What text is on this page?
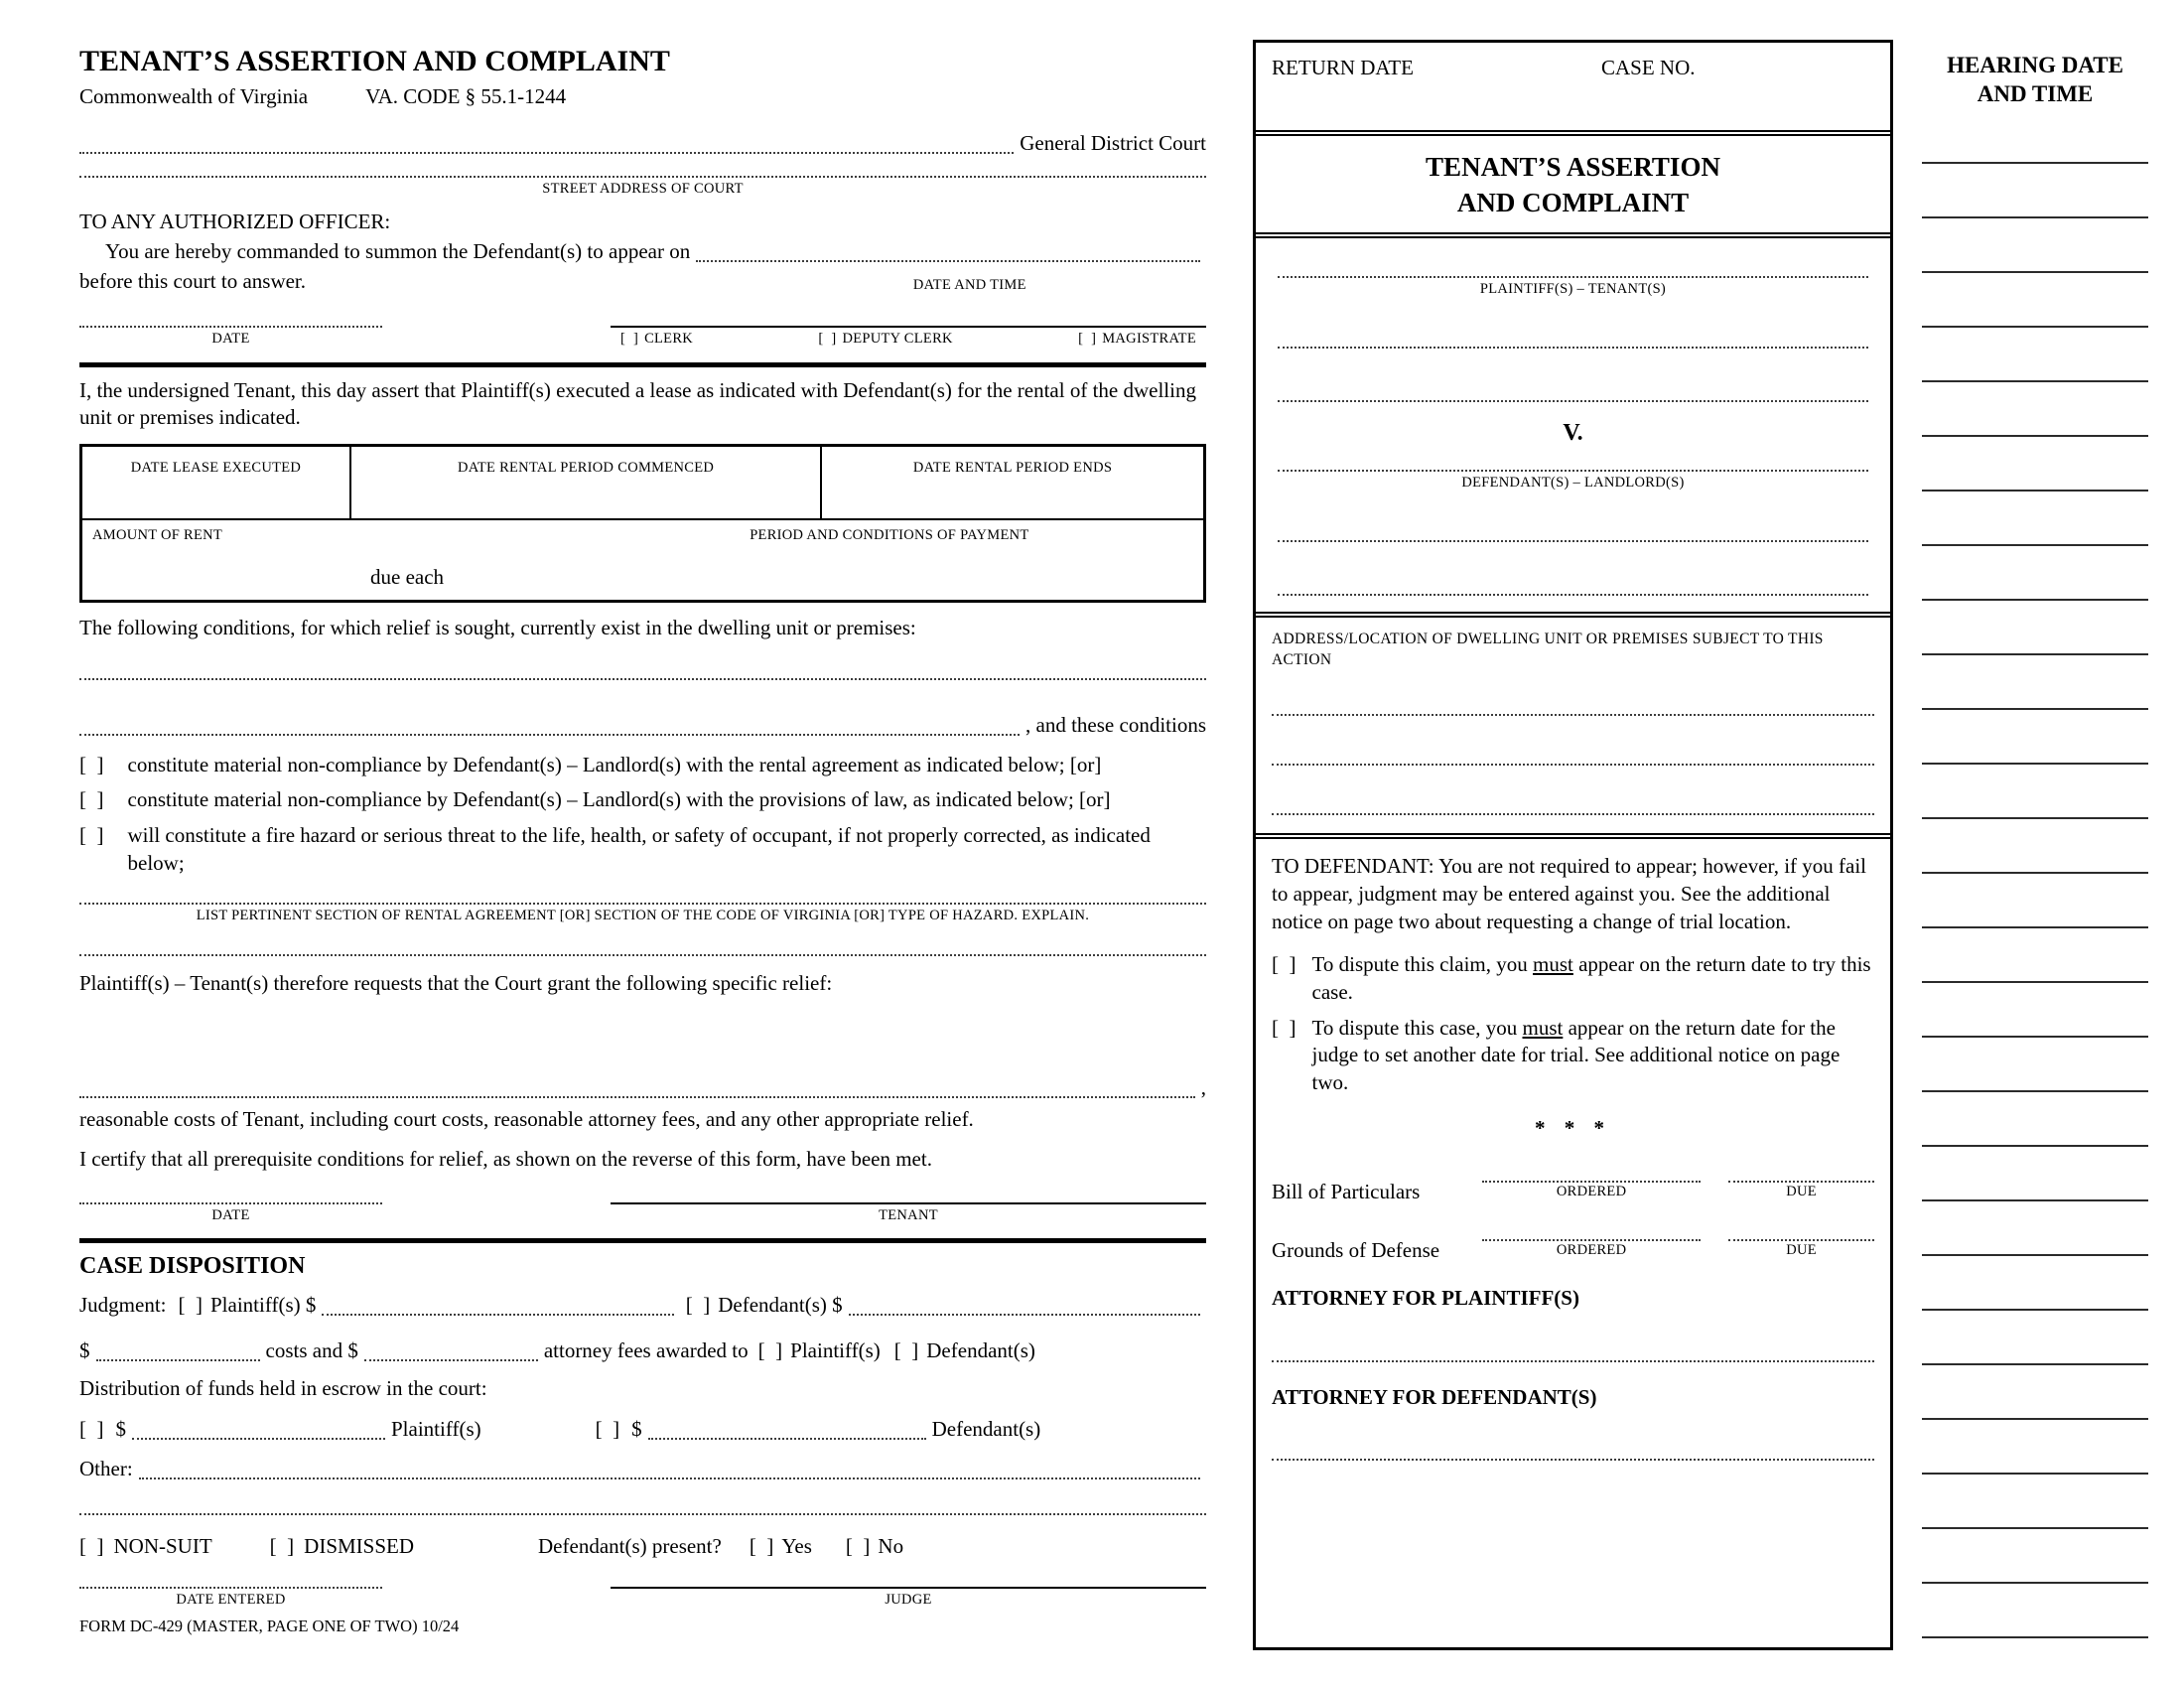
TENANT’S ASSERTION AND COMPLAINT
Commonwealth of Virginia	VA. CODE § 55.1-1244
General District Court
STREET ADDRESS OF COURT
TO ANY AUTHORIZED OFFICER:
You are hereby commanded to summon the Defendant(s) to appear on
before this court to answer.	DATE AND TIME
DATE	[  ] CLERK	[  ] DEPUTY CLERK	[  ] MAGISTRATE
I, the undersigned Tenant, this day assert that Plaintiff(s) executed a lease as indicated with Defendant(s) for the rental of the dwelling unit or premises indicated.
DATE LEASE EXECUTED	DATE RENTAL PERIOD COMMENCED	DATE RENTAL PERIOD ENDS
AMOUNT OF RENT	PERIOD AND CONDITIONS OF PAYMENT
due each
The following conditions, for which relief is sought, currently exist in the dwelling unit or premises:
, and these conditions
[  ] constitute material non-compliance by Defendant(s) – Landlord(s) with the rental agreement as indicated below; [or]
[  ] constitute material non-compliance by Defendant(s) – Landlord(s) with the provisions of law, as indicated below; [or]
[  ] will constitute a fire hazard or serious threat to the life, health, or safety of occupant, if not properly corrected, as indicated below;
LIST PERTINENT SECTION OF RENTAL AGREEMENT [OR] SECTION OF THE CODE OF VIRGINIA [OR] TYPE OF HAZARD. EXPLAIN.
Plaintiff(s) – Tenant(s) therefore requests that the Court grant the following specific relief:
,
reasonable costs of Tenant, including court costs, reasonable attorney fees, and any other appropriate relief.
I certify that all prerequisite conditions for relief, as shown on the reverse of this form, have been met.
DATE	TENANT
CASE DISPOSITION
Judgment: [  ] Plaintiff(s) $	[  ] Defendant(s) $
$	costs and $	attorney fees awarded to [  ] Plaintiff(s) [  ] Defendant(s)
Distribution of funds held in escrow in the court:
[  ] $	Plaintiff(s)	[  ] $	Defendant(s)
Other:
[  ] NON-SUIT	[  ] DISMISSED	Defendant(s) present? [  ] Yes [  ] No
DATE ENTERED	JUDGE
FORM DC-429 (MASTER, PAGE ONE OF TWO) 10/24
RETURN DATE	CASE NO.
TENANT’S ASSERTION
AND COMPLAINT
PLAINTIFF(S) – TENANT(S)
V.
DEFENDANT(S) – LANDLORD(S)
ADDRESS/LOCATION OF DWELLING UNIT OR PREMISES SUBJECT TO THIS ACTION
TO DEFENDANT: You are not required to appear; however, if you fail to appear, judgment may be entered against you. See the additional notice on page two about requesting a change of trial location.
[  ] To dispute this claim, you must appear on the return date to try this case.
[  ] To dispute this case, you must appear on the return date for the judge to set another date for trial. See additional notice on page two.
* * *
Bill of Particulars	ORDERED	DUE
Grounds of Defense	ORDERED	DUE
ATTORNEY FOR PLAINTIFF(S)
ATTORNEY FOR DEFENDANT(S)
HEARING DATE
AND TIME
